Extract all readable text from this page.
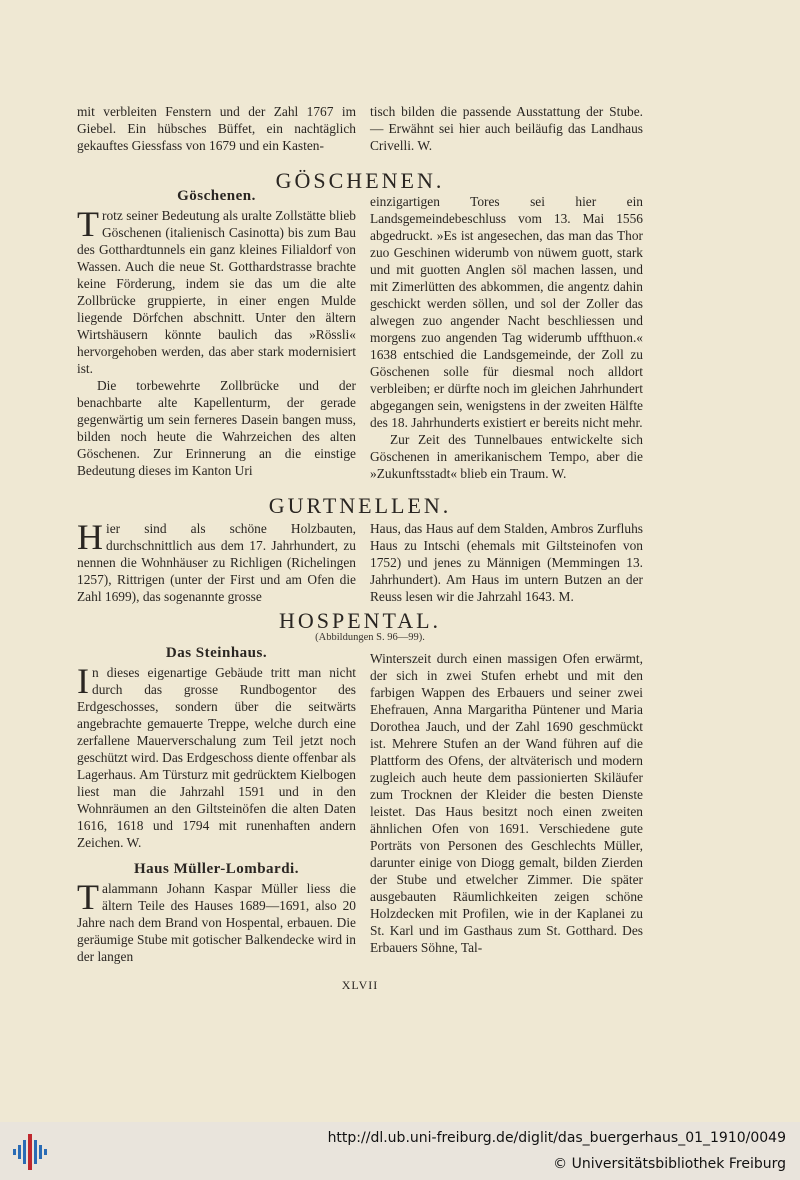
mit verbleiten Fenstern und der Zahl 1767 im Giebel. Ein hübsches Büffet, ein nachtäglich gekauftes Giessfass von 1679 und ein Kasten-

tisch bilden die passende Ausstattung der Stube. — Erwähnt sei hier auch beiläufig das Landhaus Crivelli. W.

GÖSCHENEN.
Göschenen.

Trotz seiner Bedeutung als uralte Zollstätte blieb Göschenen (italienisch Casinotta) bis zum Bau des Gotthardtunnels ein ganz kleines Filialdorf von Wassen. Auch die neue St. Gotthardstrasse brachte keine Förderung, indem sie das um die alte Zollbrücke gruppierte, in einer engen Mulde liegende Dörfchen abschnitt. Unter den ältern Wirtshäusern könnte baulich das »Rössli« hervorgehoben werden, das aber stark modernisiert ist.

Die torbewehrte Zollbrücke und der benachbarte alte Kapellenturm, der gerade gegenwärtig um sein ferneres Dasein bangen muss, bilden noch heute die Wahrzeichen des alten Göschenen. Zur Erinnerung an die einstige Bedeutung dieses im Kanton Uri

einzigartigen Tores sei hier ein Landsgemeindebeschluss vom 13. Mai 1556 abgedruckt. »Es ist angesechen, das man das Thor zuo Geschinen widerumb von nüwem guott, stark und mit guotten Anglen söl machen lassen, und mit Zimerlütten des abkommen, die angentz dahin geschickt werden söllen, und sol der Zoller das alwegen zuo angender Nacht beschliessen und morgens zuo angenden Tag widerumb uffthuon.« 1638 entschied die Landsgemeinde, der Zoll zu Göschenen solle für diesmal noch alldort verbleiben; er dürfte noch im gleichen Jahrhundert abgegangen sein, wenigstens in der zweiten Hälfte des 18. Jahrhunderts existiert er bereits nicht mehr.

Zur Zeit des Tunnelbaues entwickelte sich Göschenen in amerikanischem Tempo, aber die »Zukunftsstadt« blieb ein Traum. W.

GURTNELLEN.

Hier sind als schöne Holzbauten, durchschnittlich aus dem 17. Jahrhundert, zu nennen die Wohnhäuser zu Richligen (Richelingen 1257), Rittrigen (unter der First und am Ofen die Zahl 1699), das sogenannte grosse

Haus, das Haus auf dem Stalden, Ambros Zurfluhs Haus zu Intschi (ehemals mit Giltsteinofen von 1752) und jenes zu Männigen (Memmingen 13. Jahrhundert). Am Haus im untern Butzen an der Reuss lesen wir die Jahrzahl 1643. M.

HOSPENTAL.
(Abbildungen S. 96—99).
Das Steinhaus.

In dieses eigenartige Gebäude tritt man nicht durch das grosse Rundbogentor des Erdgeschosses, sondern über die seitwärts angebrachte gemauerte Treppe, welche durch eine zerfallene Mauerverschalung zum Teil jetzt noch geschützt wird. Das Erdgeschoss diente offenbar als Lagerhaus. Am Türsturz mit gedrücktem Kielbogen liest man die Jahrzahl 1591 und in den Wohnräumen an den Giltsteinöfen die alten Daten 1616, 1618 und 1794 mit runenhaften andern Zeichen. W.

Haus Müller-Lombardi.

Talammann Johann Kaspar Müller liess die ältern Teile des Hauses 1689—1691, also 20 Jahre nach dem Brand von Hospental, erbauen. Die geräumige Stube mit gotischer Balkendecke wird in der langen

Winterszeit durch einen massigen Ofen erwärmt, der sich in zwei Stufen erhebt und mit den farbigen Wappen des Erbauers und seiner zwei Ehefrauen, Anna Margaritha Püntener und Maria Dorothea Jauch, und der Zahl 1690 geschmückt ist. Mehrere Stufen an der Wand führen auf die Plattform des Ofens, der altväterisch und modern zugleich auch heute dem passionierten Skiläufer zum Trocknen der Kleider die besten Dienste leistet. Das Haus besitzt noch einen zweiten ähnlichen Ofen von 1691. Verschiedene gute Porträts von Personen des Geschlechts Müller, darunter einige von Diogg gemalt, bilden Zierden der Stube und etwelcher Zimmer. Die später ausgebauten Räumlichkeiten zeigen schöne Holzdecken mit Profilen, wie in der Kaplanei zu St. Karl und im Gasthaus zum St. Gotthard. Des Erbauers Söhne, Tal-

XLVII
http://dl.ub.uni-freiburg.de/diglit/das_buergerhaus_01_1910/0049
© Universitätsbibliothek Freiburg
